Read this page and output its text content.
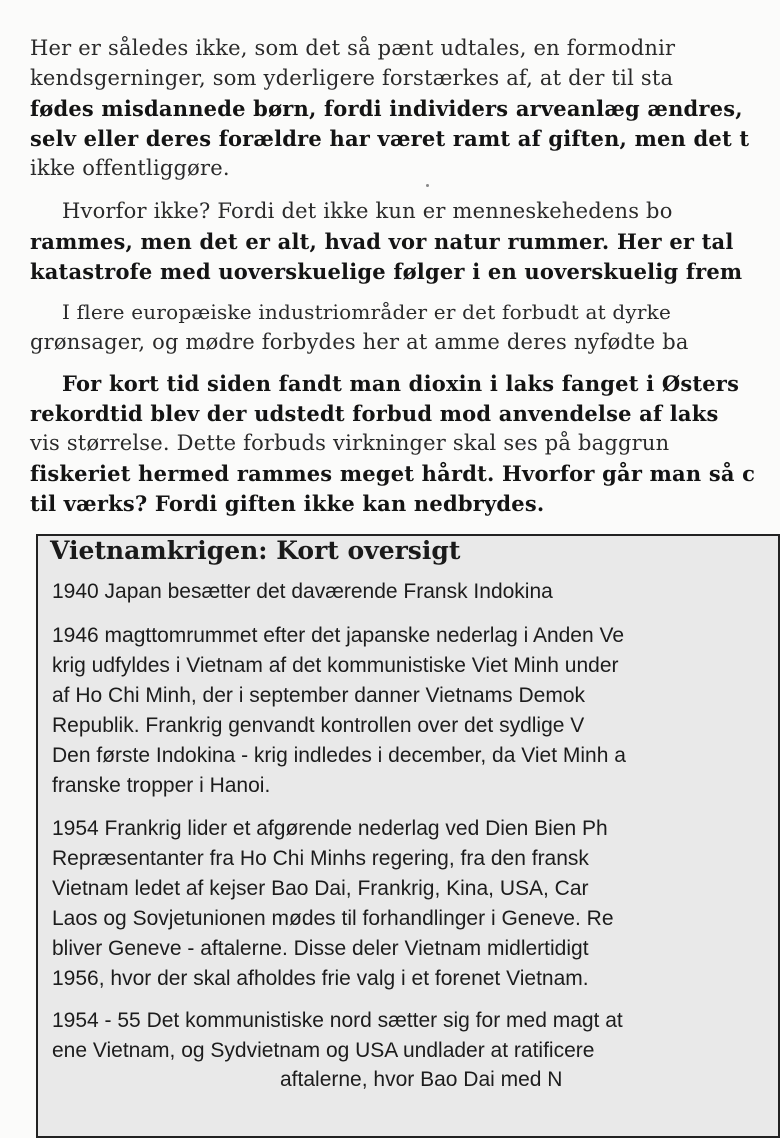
Her er således ikke, som det så pænt udtales, en formodnir
kendsgerninger, som yderligere forstærkes af, at der til sta
fødes misdannede børn, fordi individers arveanlæg ændres,
selv eller deres forældre har været ramt af giften, men det t
ikke offentliggøre.
Hvorfor ikke? Fordi det ikke kun er menneskehedens bo
rammes, men det er alt, hvad vor natur rummer. Her er tal
katastrofe med uoverskuelige følger i en uoverskuelig frem
I flere europæiske industriområder er det forbudt at dyrke
grønsager, og mødre forbydes her at amme deres nyfødte ba
For kort tid siden fandt man dioxin i laks fanget i Østers
rekordtid blev der udstedt forbud mod anvendelse af laks
vis størrelse. Dette forbuds virkninger skal ses på baggrun
fiskeriet hermed rammes meget hårdt. Hvorfor går man så c
til værks? Fordi giften ikke kan nedbrydes.
Vietnamkrigen: Kort oversigt
1940 Japan besætter det daværende Fransk Indokina
1946 magttomrummet efter det japanske nederlag i Anden Ve
krig udfyldes i Vietnam af det kommunistiske Viet Minh under
af Ho Chi Minh, der i september danner Vietnams Demok
Republik. Frankrig genvandt kontrollen over det sydlige V
Den første Indokina - krig indledes i december, da Viet Minh a
franske tropper i Hanoi.
1954 Frankrig lider et afgørende nederlag ved Dien Bien Ph
Repræsentanter fra Ho Chi Minhs regering, fra den fransk
Vietnam ledet af kejser Bao Dai, Frankrig, Kina, USA, Car
Laos og Sovjetunionen mødes til forhandlinger i Geneve. Re
bliver Geneve - aftalerne. Disse deler Vietnam midlertidigt
1956, hvor der skal afholdes frie valg i et forenet Vietnam.
1954 - 55 Det kommunistiske nord sætter sig for med magt at
ene Vietnam, og Sydvietnam og USA undlader at ratificere
aftalerne, hvor Bao Dai med N
